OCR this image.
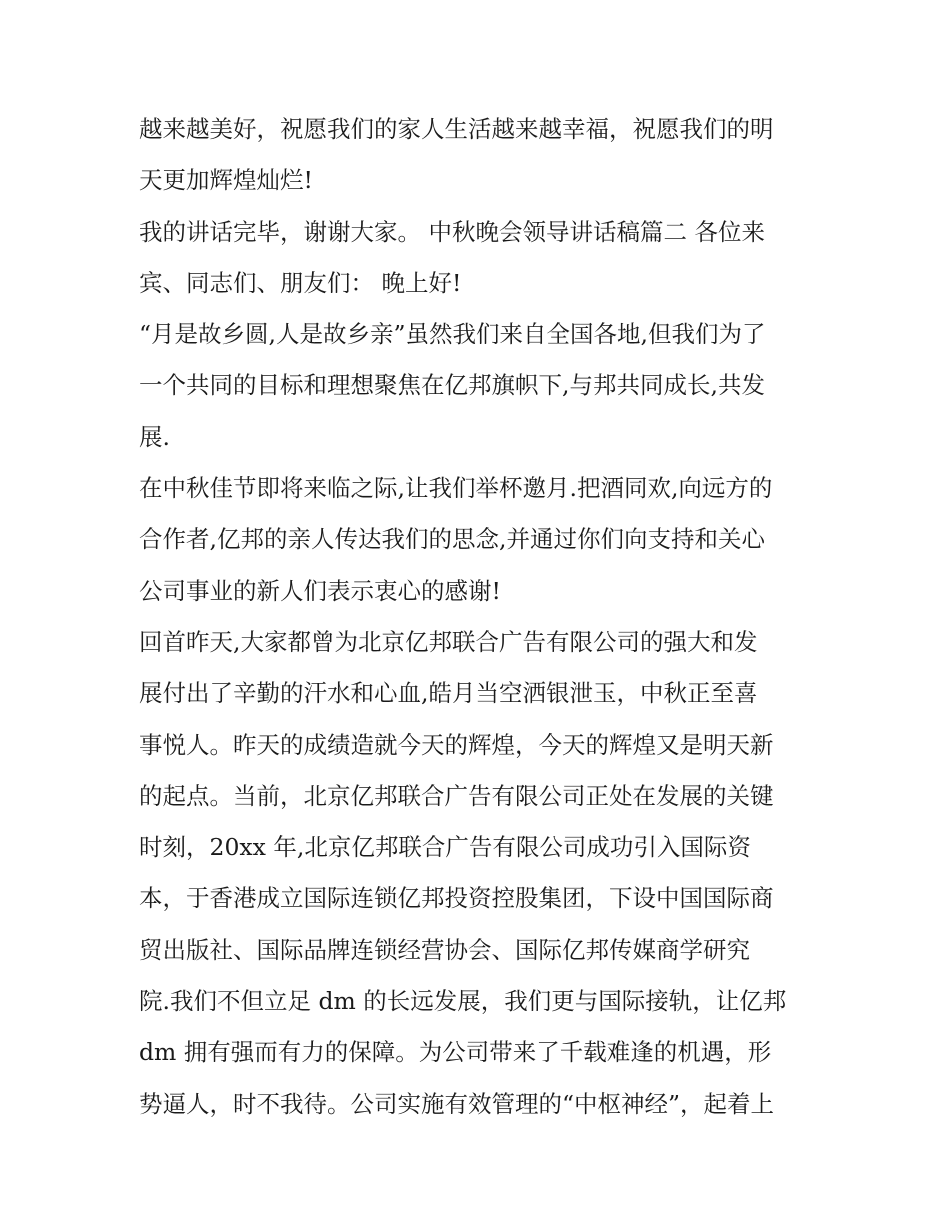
越来越美好，祝愿我们的家人生活越来越幸福，祝愿我们的明
天更加辉煌灿烂!
我的讲话完毕，谢谢大家。 中秋晚会领导讲话稿篇二 各位来
宾、同志们、朋友们： 晚上好!
“月是故乡圆,人是故乡亲”虽然我们来自全国各地,但我们为了
一个共同的目标和理想聚焦在亿邦旗帜下,与邦共同成长,共发
展.
在中秋佳节即将来临之际,让我们举杯邀月.把酒同欢,向远方的
合作者,亿邦的亲人传达我们的思念,并通过你们向支持和关心
公司事业的新人们表示衷心的感谢!
回首昨天,大家都曾为北京亿邦联合广告有限公司的强大和发
展付出了辛勤的汗水和心血,皓月当空洒银泄玉，中秋正至喜
事悦人。昨天的成绩造就今天的辉煌，今天的辉煌又是明天新
的起点。当前，北京亿邦联合广告有限公司正处在发展的关键
时刻，20xx 年,北京亿邦联合广告有限公司成功引入国际资
本，于香港成立国际连锁亿邦投资控股集团，下设中国国际商
贸出版社、国际品牌连锁经营协会、国际亿邦传媒商学研究
院.我们不但立足 dm 的长远发展，我们更与国际接轨，让亿邦
dm 拥有强而有力的保障。为公司带来了千载难逢的机遇，形
势逼人，时不我待。公司实施有效管理的“中枢神经”，起着上
